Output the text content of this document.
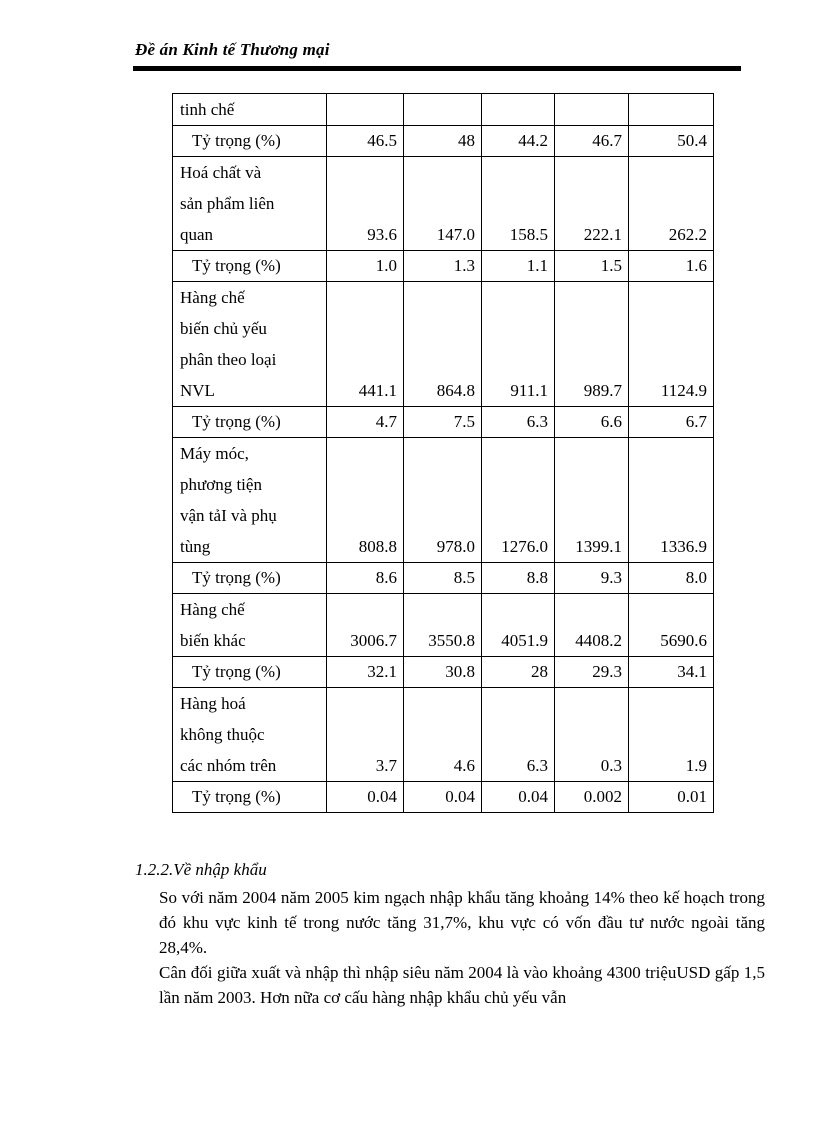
Đề án Kinh tế Thương mại
tinh chế					

Tỷ trọng (%)	46.5	48	44.2	46.7	50.4

Hoá chất và
sản phẩm liên
quan	93.6	147.0	158.5	222.1	262.2

Tỷ trọng (%)	1.0	1.3	1.1	1.5	1.6

Hàng chế
biến chủ yếu
phân theo loại
NVL	441.1	864.8	911.1	989.7	1124.9

Tỷ trọng (%)	4.7	7.5	6.3	6.6	6.7

Máy móc,
phương tiện
vận tảI và phụ
tùng	808.8	978.0	1276.0	1399.1	1336.9

Tỷ trọng (%)	8.6	8.5	8.8	9.3	8.0

Hàng chế
biến khác	3006.7	3550.8	4051.9	4408.2	5690.6

Tỷ trọng (%)	32.1	30.8	28	29.3	34.1

Hàng hoá
không thuộc
các nhóm trên	3.7	4.6	6.3	0.3	1.9

Tỷ trọng (%)	0.04	0.04	0.04	0.002	0.01
1.2.2.Về nhập khẩu
So với năm 2004 năm 2005 kim ngạch nhập khẩu tăng khoảng 14% theo kế hoạch trong đó khu vực kinh tế trong nước tăng 31,7%, khu vực có vốn đầu tư nước ngoài tăng 28,4%.
Cân đối giữa xuất và nhập thì nhập siêu năm 2004 là vào khoảng 4300 triệuUSD gấp 1,5 lần năm 2003. Hơn nữa cơ cấu hàng nhập khẩu chủ yếu vẫn
